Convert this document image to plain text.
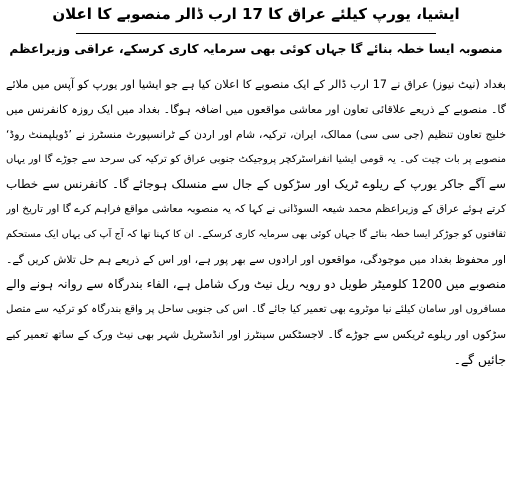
ایشیا، یورپ کیلئے عراق کا 17 ارب ڈالر منصوبے کا اعلان
منصوبہ ایسا خطہ بنائے گا جہاں کوئی بھی سرمایہ کاری کرسکے، عراقی وزیراعظم
بغداد (نیٹ نیوز) عراق نے 17 ارب ڈالر کے ایک منصوبے کا اعلان کیا ہے جو ایشیا اور یورپ کو آپس میں ملائے
گا۔ منصوبے کے ذریعے علاقائی تعاون اور معاشی مواقعوں میں اضافہ ہوگا۔ بغداد میں ایک روزہ کانفرنس میں
خلیج تعاون تنظیم (جی سی سی) ممالک، ایران، ترکیہ، شام اور اردن کے ٹرانسپورٹ منسٹرز نے ’ڈویلپمنٹ روڈ‘
منصوبے پر بات چیت کی۔ یہ قومی ایشیا انفراسٹرکچر پروجیکٹ جنوبی عراق کو ترکیہ کی سرحد سے جوڑے گا اور یہاں
سے آگے جاکر یورپ کے ریلوے ٹریک اور سڑکوں کے جال سے منسلک ہوجائے گا۔ کانفرنس سے خطاب
کرتے ہوئے عراق کے وزیراعظم محمد شیعہ السوڈانی نے کہا کہ یہ منصوبہ معاشی مواقع فراہم کرے گا اور تاریخ اور
ثقافتوں کو جوڑکر ایسا خطہ بنائے گا جہاں کوئی بھی سرمایہ کاری کرسکے۔ ان کا کہنا تھا کہ آج آپ کی یہاں ایک مستحکم
اور محفوظ بغداد میں موجودگی، مواقعوں اور ارادوں سے بھر پور ہے، اور اس کے ذریعے ہم حل تلاش کریں گے۔
منصوبے میں 1200 کلومیٹر طویل دو رویہ ریل نیٹ ورک شامل ہے، الفاء بندرگاہ سے روانہ ہونے والے
مسافروں اور سامان کیلئے نیا موٹروے بھی تعمیر کیا جائے گا۔ اس کی جنوبی ساحل پر واقع بندرگاہ کو ترکیہ سے متصل
سڑکوں اور ریلوے ٹریکس سے جوڑے گا۔ لاجسٹکس سینٹرز اور انڈسٹریل شہر بھی نیٹ ورک کے ساتھ تعمیر کیے
جائیں گے۔
